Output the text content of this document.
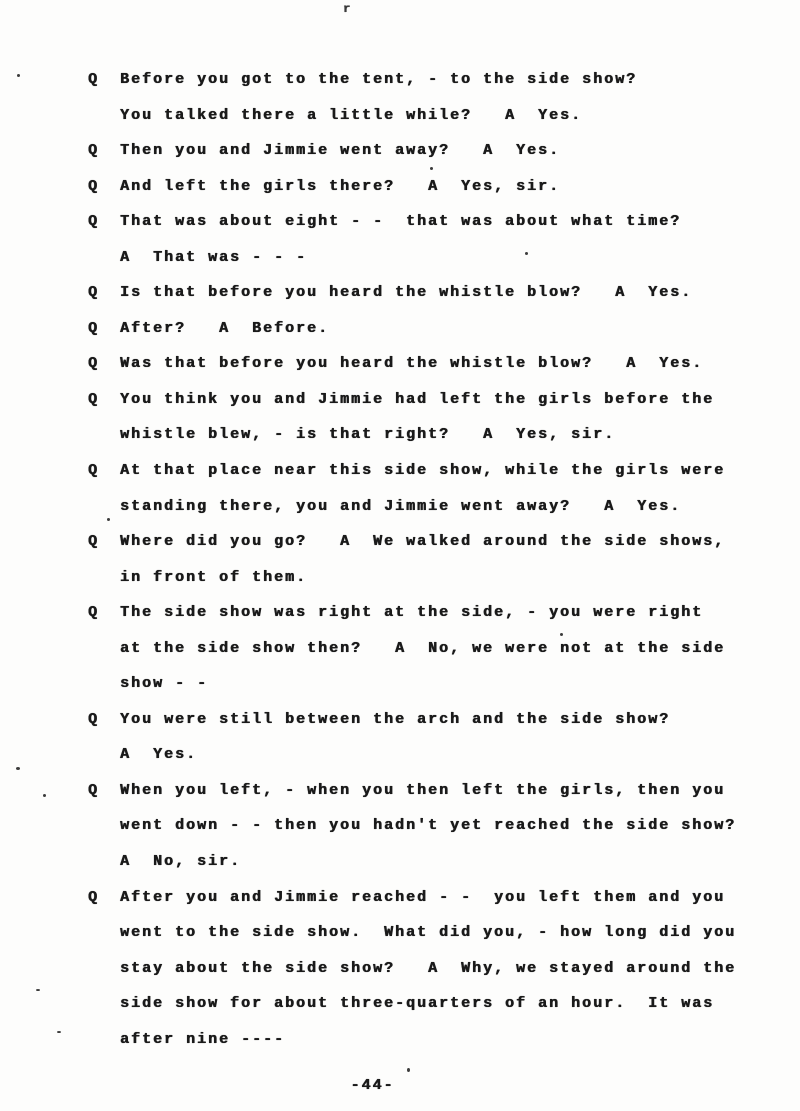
Q	Before you got to the tent, - to the side show?
You talked there a little while?   A  Yes.
Q	Then you and Jimmie went away?   A  Yes.
Q	And left the girls there?   A  Yes, sir.
Q	That was about eight - -  that was about what time?
A  That was - - -
Q	Is that before you heard the whistle blow?   A  Yes.
Q	After?   A  Before.
Q	Was that before you heard the whistle blow?   A  Yes.
Q	You think you and Jimmie had left the girls before the
whistle blew, - is that right?   A  Yes, sir.
Q	At that place near this side show, while the girls were
standing there, you and Jimmie went away?   A  Yes.
Q	Where did you go?   A  We walked around the side shows,
in front of them.
Q	The side show was right at the side, - you were right
at the side show then?   A  No, we were not at the side
show - -
Q	You were still between the arch and the side show?
A  Yes.
Q	When you left, - when you then left the girls, then you
went down - - then you hadn't yet reached the side show?
A  No, sir.
Q	After you and Jimmie reached - -  you left them and you
went to the side show.  What did you, - how long did you
stay about the side show?   A  Why, we stayed around the
side show for about three-quarters of an hour.  It was
after nine ----
-44-
r
